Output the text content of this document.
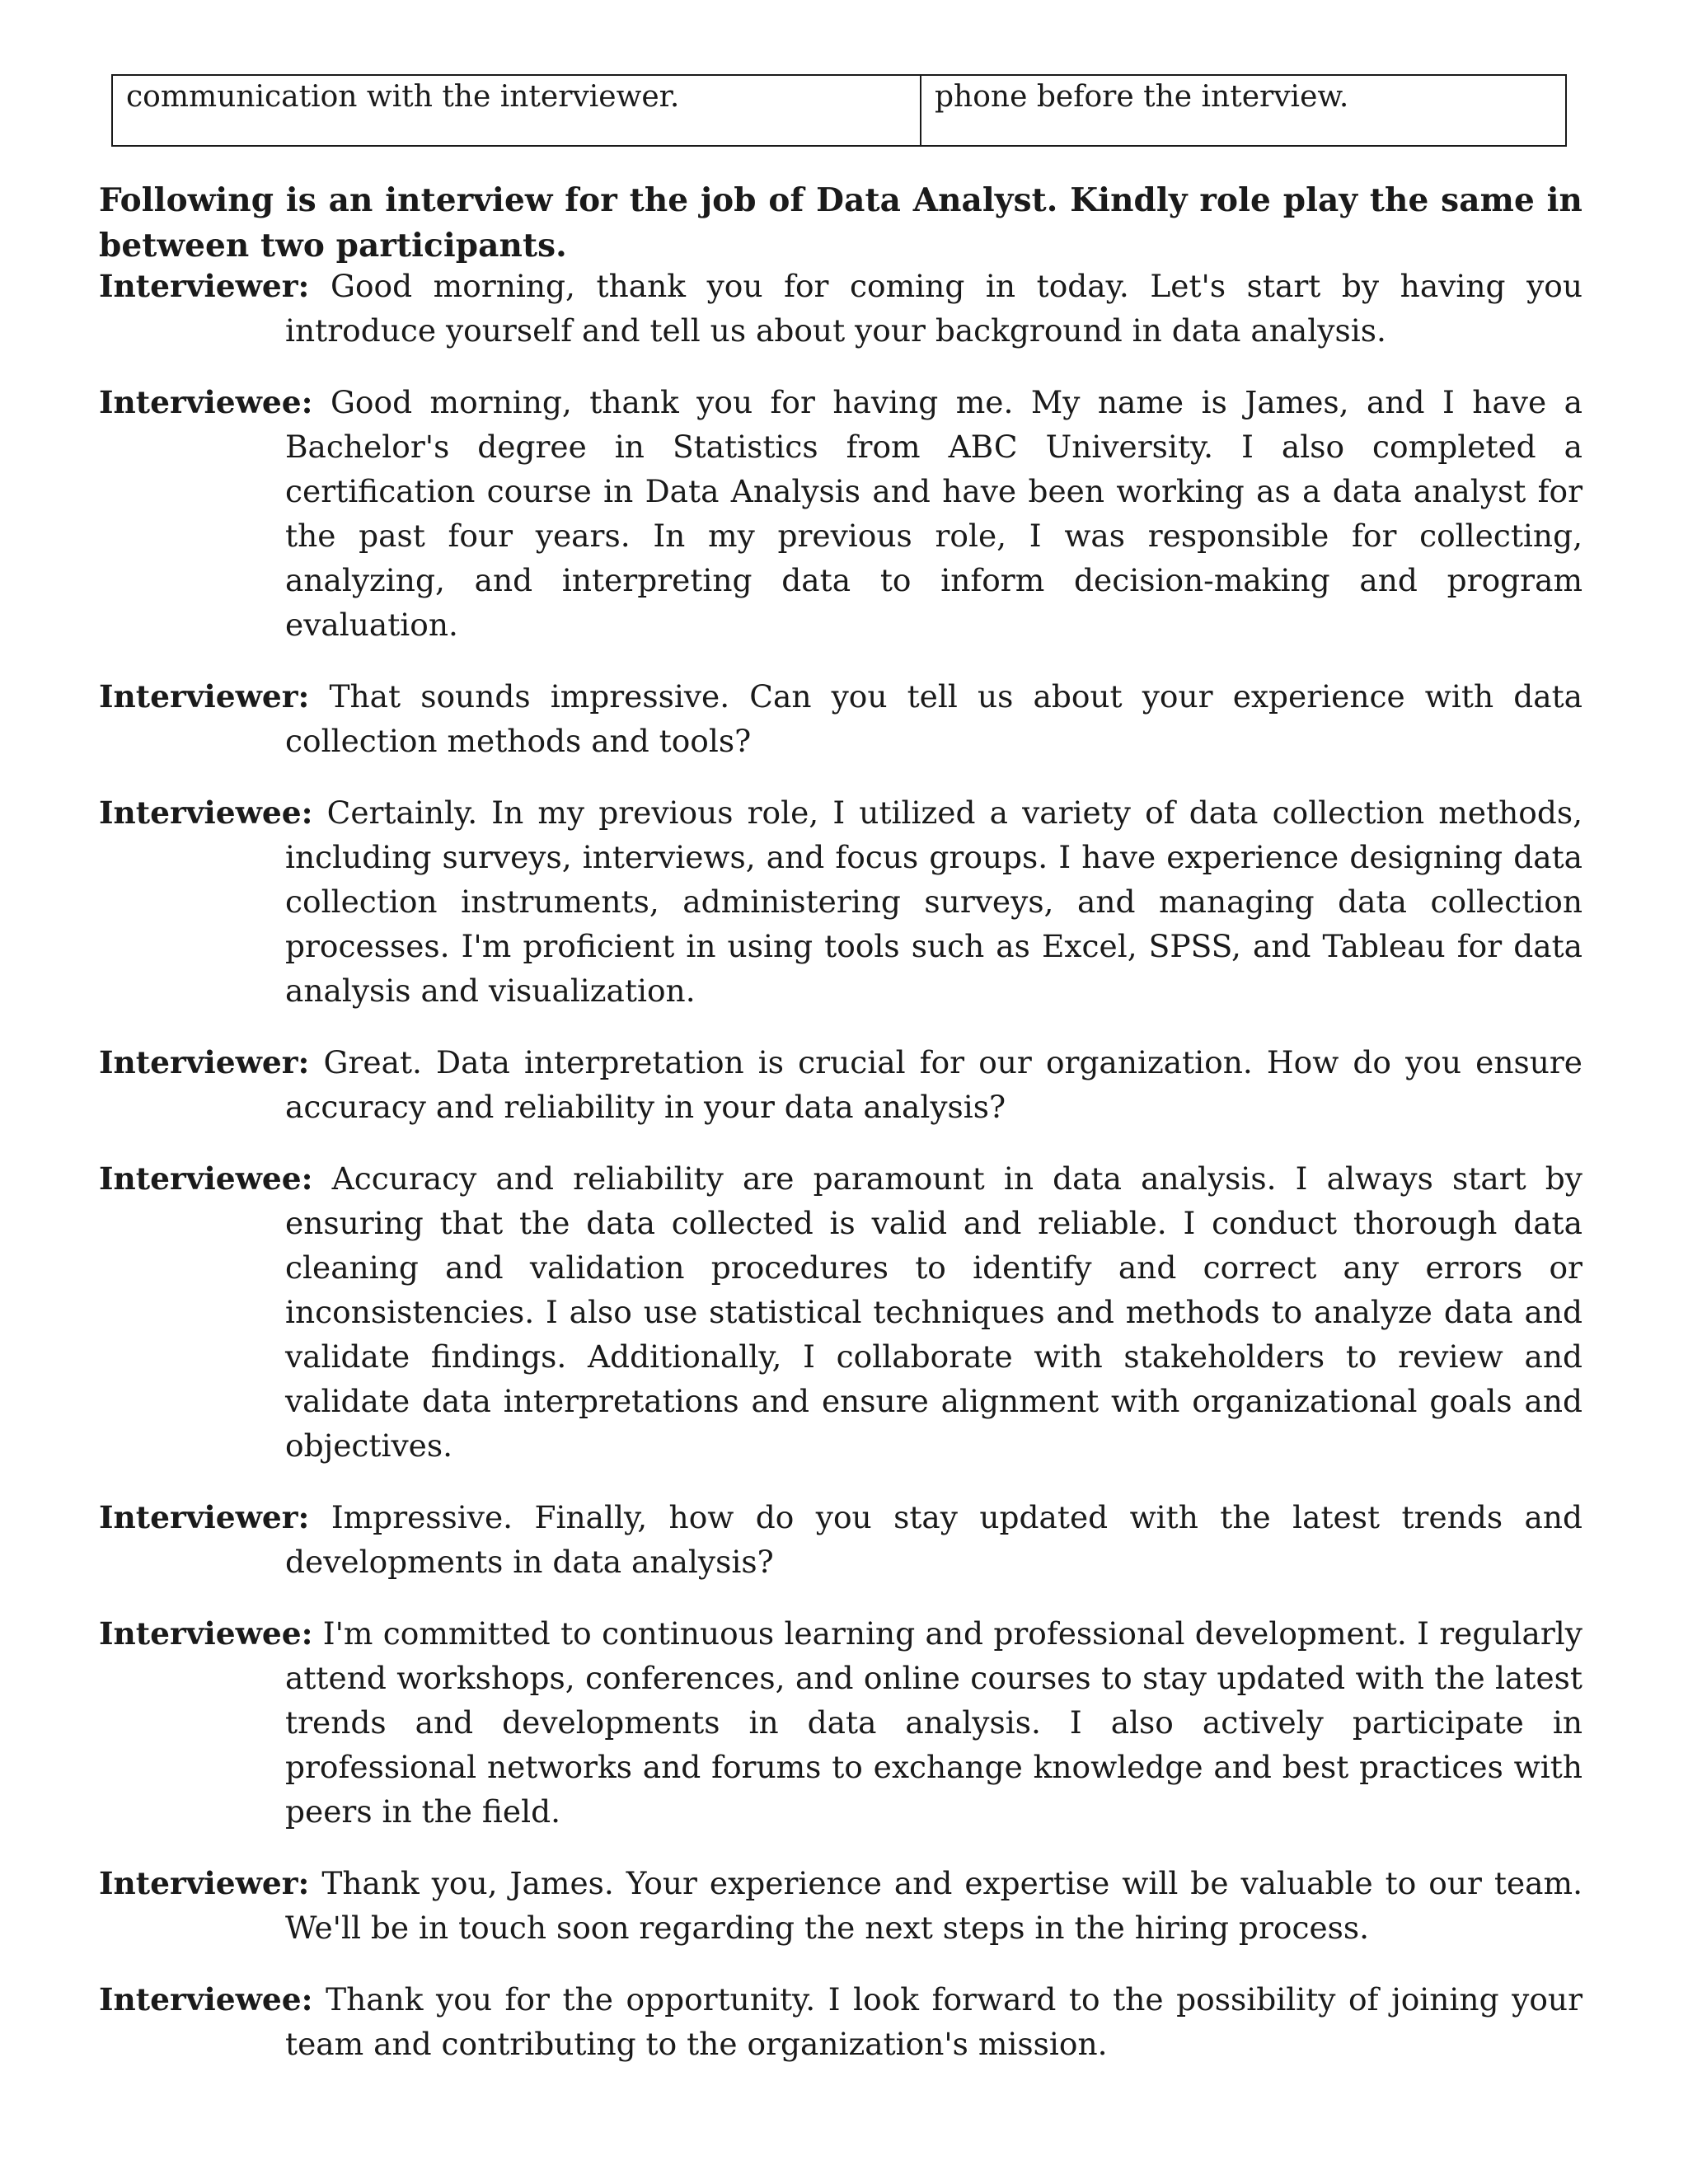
communication with the interviewer.	phone before the interview.

Following is an interview for the job of Data Analyst. Kindly role play the same in between two participants.

Interviewer: Good morning, thank you for coming in today. Let's start by having you introduce yourself and tell us about your background in data analysis.

Interviewee: Good morning, thank you for having me. My name is James, and I have a Bachelor's degree in Statistics from ABC University. I also completed a certification course in Data Analysis and have been working as a data analyst for the past four years. In my previous role, I was responsible for collecting, analyzing, and interpreting data to inform decision-making and program evaluation.

Interviewer: That sounds impressive. Can you tell us about your experience with data collection methods and tools?

Interviewee: Certainly. In my previous role, I utilized a variety of data collection methods, including surveys, interviews, and focus groups. I have experience designing data collection instruments, administering surveys, and managing data collection processes. I'm proficient in using tools such as Excel, SPSS, and Tableau for data analysis and visualization.

Interviewer: Great. Data interpretation is crucial for our organization. How do you ensure accuracy and reliability in your data analysis?

Interviewee: Accuracy and reliability are paramount in data analysis. I always start by ensuring that the data collected is valid and reliable. I conduct thorough data cleaning and validation procedures to identify and correct any errors or inconsistencies. I also use statistical techniques and methods to analyze data and validate findings. Additionally, I collaborate with stakeholders to review and validate data interpretations and ensure alignment with organizational goals and objectives.

Interviewer: Impressive. Finally, how do you stay updated with the latest trends and developments in data analysis?

Interviewee: I'm committed to continuous learning and professional development. I regularly attend workshops, conferences, and online courses to stay updated with the latest trends and developments in data analysis. I also actively participate in professional networks and forums to exchange knowledge and best practices with peers in the field.

Interviewer: Thank you, James. Your experience and expertise will be valuable to our team. We'll be in touch soon regarding the next steps in the hiring process.

Interviewee: Thank you for the opportunity. I look forward to the possibility of joining your team and contributing to the organization's mission.
